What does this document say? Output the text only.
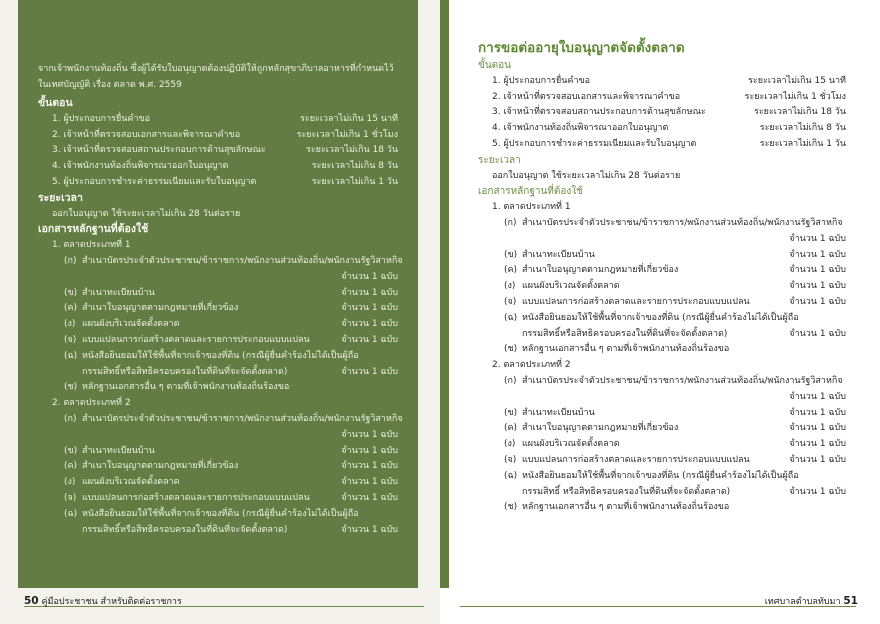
จากเจ้าพนักงานท้องถิ่น ซึ่งผู้ได้รับใบอนุญาตต้องปฏิบัติให้ถูกหลักสุขาภิบาลอาหารที่กำหนดไว้ในเทศบัญญัติ เรื่อง ตลาด พ.ศ. 2559
ขั้นตอน
1. ผู้ประกอบการยื่นคำขอ	ระยะเวลาไม่เกิน 15 นาที
2. เจ้าหน้าที่ตรวจสอบเอกสารและพิจารณาคำขอ	ระยะเวลาไม่เกิน 1 ชั่วโมง
3. เจ้าหน้าที่ตรวจสอบสถานประกอบการด้านสุขลักษณะ	ระยะเวลาไม่เกิน 18 วัน
4. เจ้าพนักงานท้องถิ่นพิจารณาออกใบอนุญาต	ระยะเวลาไม่เกิน 8 วัน
5. ผู้ประกอบการชำระค่าธรรมเนียมและรับใบอนุญาต	ระยะเวลาไม่เกิน 1 วัน
ระยะเวลา
ออกใบอนุญาต ใช้ระยะเวลาไม่เกิน 28 วันต่อราย
เอกสารหลักฐานที่ต้องใช้
1. ตลาดประเภทที่ 1
(ก) สำเนาบัตรประจำตัวประชาชน/ข้าราชการ/พนักงานส่วนท้องถิ่น/พนักงานรัฐวิสาหกิจ
จำนวน 1 ฉบับ
(ข) สำเนาทะเบียนบ้าน	จำนวน 1 ฉบับ
(ค) สำเนาใบอนุญาตตามกฎหมายที่เกี่ยวข้อง	จำนวน 1 ฉบับ
(ง) แผนผังบริเวณจัดตั้งตลาด	จำนวน 1 ฉบับ
(จ) แบบแปลนการก่อสร้างตลาดและรายการประกอบแบบแปลน	จำนวน 1 ฉบับ
(ฉ) หนังสือยินยอมให้ใช้พื้นที่จากเจ้าของที่ดิน (กรณีผู้ยื่นคำร้องไม่ได้เป็นผู้ถือ
กรรมสิทธิ์หรือสิทธิครอบครองในที่ดินที่จะจัดตั้งตลาด)	จำนวน 1 ฉบับ
(ช) หลักฐานเอกสารอื่น ๆ ตามที่เจ้าพนักงานท้องถิ่นร้องขอ
2. ตลาดประเภทที่ 2
(ก) สำเนาบัตรประจำตัวประชาชน/ข้าราชการ/พนักงานส่วนท้องถิ่น/พนักงานรัฐวิสาหกิจ
จำนวน 1 ฉบับ
(ข) สำเนาทะเบียนบ้าน	จำนวน 1 ฉบับ
(ค) สำเนาใบอนุญาตตามกฎหมายที่เกี่ยวข้อง	จำนวน 1 ฉบับ
(ง) แผนผังบริเวณจัดตั้งตลาด	จำนวน 1 ฉบับ
(จ) แบบแปลนการก่อสร้างตลาดและรายการประกอบแบบแปลน	จำนวน 1 ฉบับ
(ฉ) หนังสือยินยอมให้ใช้พื้นที่จากเจ้าของที่ดิน (กรณีผู้ยื่นคำร้องไม่ได้เป็นผู้ถือ
กรรมสิทธิ์หรือสิทธิครอบครองในที่ดินที่จะจัดตั้งตลาด)	จำนวน 1 ฉบับ
50 คู่มือประชาชน สำหรับติดต่อราชการ
การขอต่ออายุใบอนุญาตจัดตั้งตลาด
ขั้นตอน
1. ผู้ประกอบการยื่นคำขอ	ระยะเวลาไม่เกิน 15 นาที
2. เจ้าหน้าที่ตรวจสอบเอกสารและพิจารณาคำขอ	ระยะเวลาไม่เกิน 1 ชั่วโมง
3. เจ้าหน้าที่ตรวจสอบสถานประกอบการด้านสุขลักษณะ	ระยะเวลาไม่เกิน 18 วัน
4. เจ้าพนักงานท้องถิ่นพิจารณาออกใบอนุญาต	ระยะเวลาไม่เกิน 8 วัน
5. ผู้ประกอบการชำระค่าธรรมเนียมและรับใบอนุญาต	ระยะเวลาไม่เกิน 1 วัน
ระยะเวลา
ออกใบอนุญาต ใช้ระยะเวลาไม่เกิน 28 วันต่อราย
เอกสารหลักฐานที่ต้องใช้
1. ตลาดประเภทที่ 1
(ก) สำเนาบัตรประจำตัวประชาชน/ข้าราชการ/พนักงานส่วนท้องถิ่น/พนักงานรัฐวิสาหกิจ
จำนวน 1 ฉบับ
(ข) สำเนาทะเบียนบ้าน	จำนวน 1 ฉบับ
(ค) สำเนาใบอนุญาตตามกฎหมายที่เกี่ยวข้อง	จำนวน 1 ฉบับ
(ง) แผนผังบริเวณจัดตั้งตลาด	จำนวน 1 ฉบับ
(จ) แบบแปลนการก่อสร้างตลาดและรายการประกอบแบบแปลน	จำนวน 1 ฉบับ
(ฉ) หนังสือยินยอมให้ใช้พื้นที่จากเจ้าของที่ดิน (กรณีผู้ยื่นคำร้องไม่ได้เป็นผู้ถือ
กรรมสิทธิ์หรือสิทธิครอบครองในที่ดินที่จะจัดตั้งตลาด)	จำนวน 1 ฉบับ
(ช) หลักฐานเอกสารอื่น ๆ ตามที่เจ้าพนักงานท้องถิ่นร้องขอ
2. ตลาดประเภทที่ 2
(ก) สำเนาบัตรประจำตัวประชาชน/ข้าราชการ/พนักงานส่วนท้องถิ่น/พนักงานรัฐวิสาหกิจ
จำนวน 1 ฉบับ
(ข) สำเนาทะเบียนบ้าน	จำนวน 1 ฉบับ
(ค) สำเนาใบอนุญาตตามกฎหมายที่เกี่ยวข้อง	จำนวน 1 ฉบับ
(ง) แผนผังบริเวณจัดตั้งตลาด	จำนวน 1 ฉบับ
(จ) แบบแปลนการก่อสร้างตลาดและรายการประกอบแบบแปลน	จำนวน 1 ฉบับ
(ฉ) หนังสือยินยอมให้ใช้พื้นที่จากเจ้าของที่ดิน (กรณีผู้ยื่นคำร้องไม่ได้เป็นผู้ถือ
กรรมสิทธิ์ หรือสิทธิครอบครองในที่ดินที่จะจัดตั้งตลาด)	จำนวน 1 ฉบับ
(ช) หลักฐานเอกสารอื่น ๆ ตามที่เจ้าพนักงานท้องถิ่นร้องขอ
เทศบาลตำบลทับมา 51
